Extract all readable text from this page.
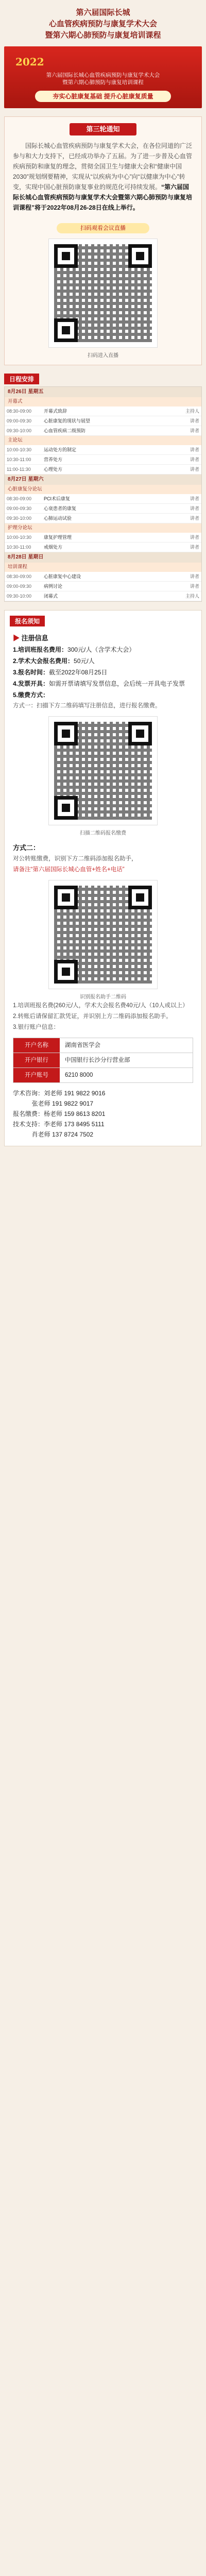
第六届国际长城
心血管疾病预防与康复学术大会
暨第六期心肺预防与康复培训课程
2022
第六届国际长城心血管疾病预防与康复学术大会
暨第六期心肺预防与康复培训课程
夯实心脏康复基础 提升心脏康复质量
第三轮通知
国际长城心血管疾病预防与康复学术大会，在各位同道的广泛参与和大力支持下，已经成功举办了五届。为了进一步普及心血管疾病预防和康复的理念，贯彻全国卫生与健康大会和“健康中国2030”规划纲要精神，实现从“以疾病为中心”向“以健康为中心”转变，实现中国心脏预防康复事业的规范化可持续发展。“第六届国际长城心血管疾病预防与康复学术大会暨第六期心肺预防与康复培训课程”将于2022年08月26-28日在线上举行。
扫码观看会议直播
扫码进入直播
日程安排
8月26日 星期五
开幕式
08:30-09:00	开幕式致辞	主持人
09:00-09:30	心脏康复的现状与展望	讲者
09:30-10:00	心血管疾病二级预防	讲者
主论坛
10:00-10:30	运动处方的制定	讲者
10:30-11:00	营养处方	讲者
11:00-11:30	心理处方	讲者
8月27日 星期六
心脏康复分论坛
08:30-09:00	PCI术后康复	讲者
09:00-09:30	心衰患者的康复	讲者
09:30-10:00	心肺运动试验	讲者
护理分论坛
10:00-10:30	康复护理管理	讲者
10:30-11:00	戒烟处方	讲者
8月28日 星期日
培训课程
08:30-09:00	心脏康复中心建设	讲者
09:00-09:30	病例讨论	讲者
09:30-10:00	闭幕式	主持人
报名须知
▶ 注册信息
1.培训班报名费用：300元/人（含学术大会）
2.学术大会报名费用：50元/人
3.报名时间：截至2022年08月25日
4.发票开具：如需开票请填写发票信息，会后统一开具电子发票
5.缴费方式：
方式一：扫描下方二维码填写注册信息，进行报名缴费。
扫描二维码报名缴费
方式二：
对公转账缴费，识别下方二维码添加报名助手，
请备注“第六届国际长城心血管+姓名+电话”
识别报名助手二维码
1.培训班报名费(260元/人，学术大会报名费40元/人（10人或以上）
2.转账后请保留汇款凭证，并识别上方二维码添加报名助手。
3.银行账户信息：
开户名称	湖南省医学会
开户银行	中国银行长沙分行营业部
开户账号	6210 8000
学术咨询：刘老师 191 9822 9016
张老师 191 9822 9017
报名缴费：杨老师 159 8613 8201
技术支持：李老师 173 8495 5111
肖老师 137 8724 7502
